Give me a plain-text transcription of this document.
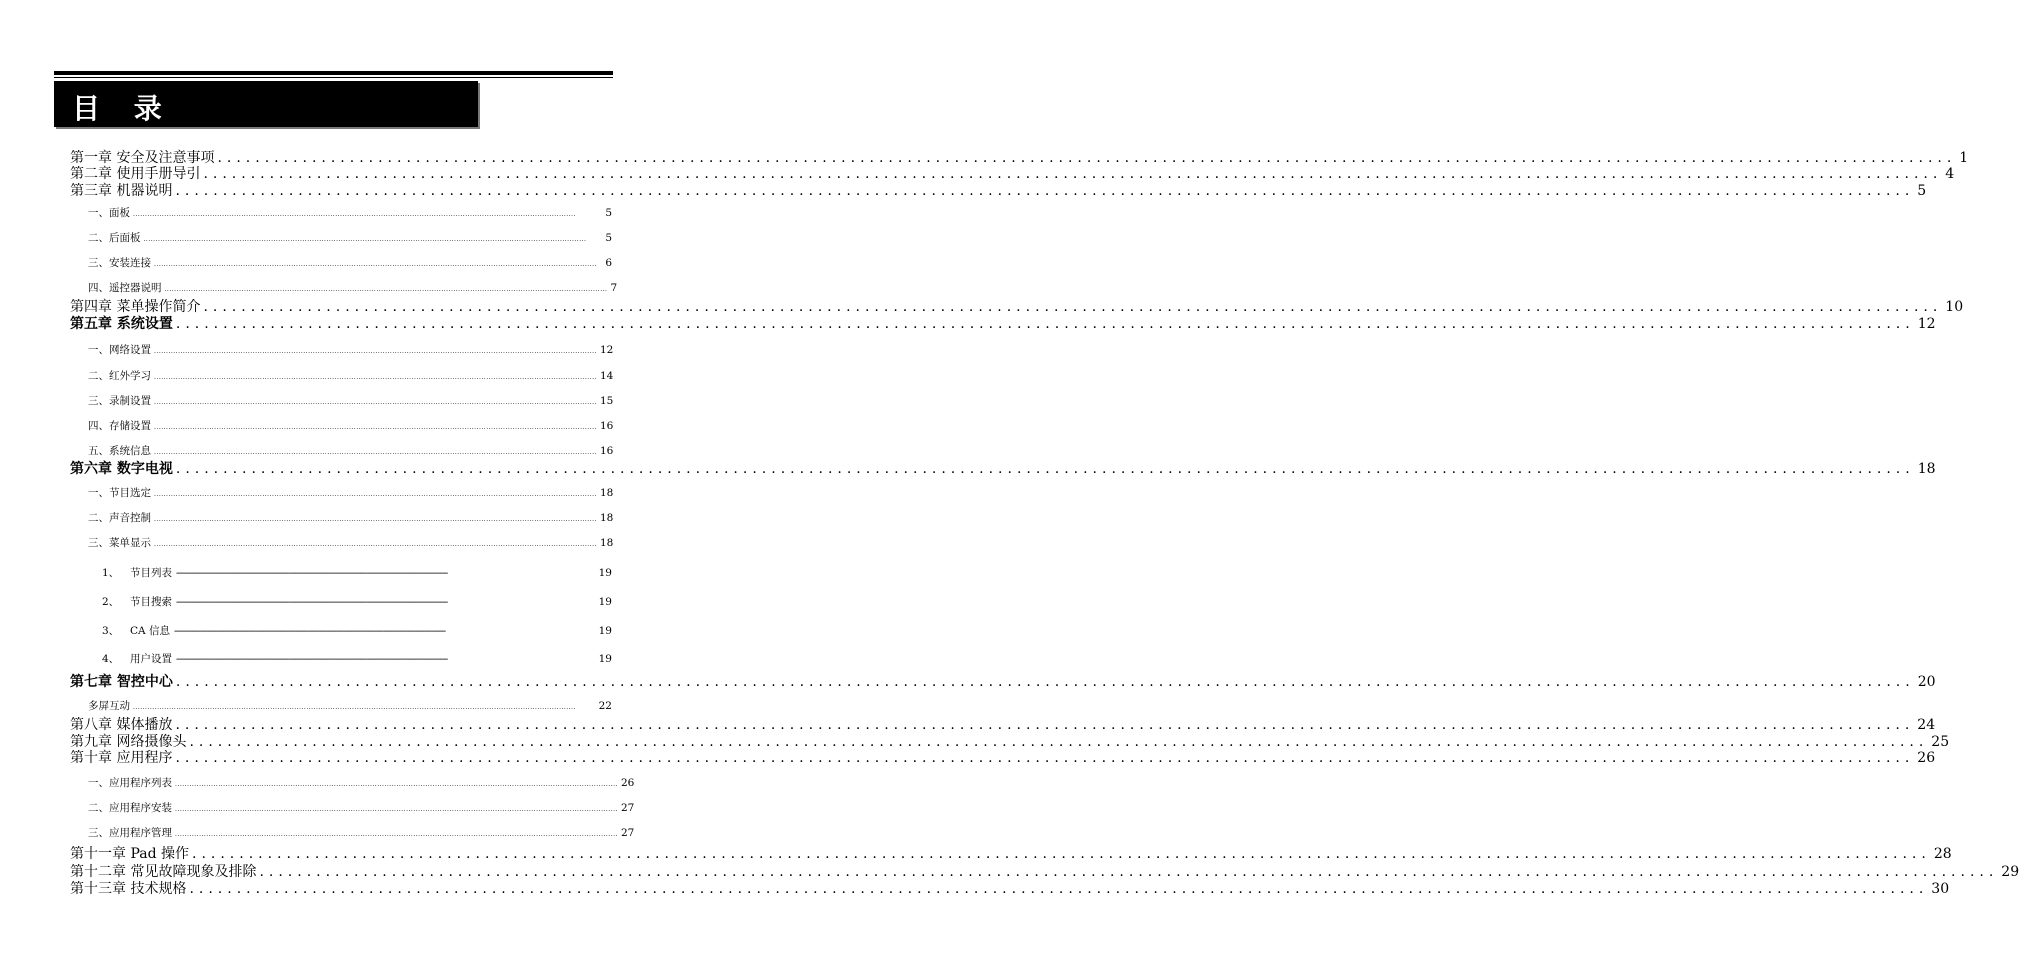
目 录
第一章 安全及注意事项 ........................................................................................................................................................................................ 1
第二章 使用手册导引 ........................................................................................................................................................................................ 4
第三章 机器说明 ........................................................................................................................................................................................ 5
一、面板 ........................................................................................................................................................................................	5
二、后面板 ........................................................................................................................................................................................	5
三、安装连接 ........................................................................................................................................................................................ 6
四、遥控器说明 ........................................................................................................................................................................................ 7
第四章 菜单操作简介 ........................................................................................................................................................................................ 10
第五章 系统设置 ........................................................................................................................................................................................ 12
一、网络设置 ........................................................................................................................................................................................ 12
二、红外学习 ........................................................................................................................................................................................ 14
三、录制设置 ........................................................................................................................................................................................ 15
四、存储设置 ........................................................................................................................................................................................ 16
五、系统信息 ........................................................................................................................................................................................ 16
第六章 数字电视 ........................................................................................................................................................................................ 18
一、节目选定 ........................................................................................................................................................................................ 18
二、声音控制 ........................................................................................................................................................................................ 18
三、菜单显示 ........................................................................................................................................................................................ 18
1、	节目列表 ------------------------------------------------------------------------------------------------------------------	19
2、	节目搜索 ------------------------------------------------------------------------------------------------------------------	19
3、	CA 信息 ------------------------------------------------------------------------------------------------------------------	19
4、	用户设置 ------------------------------------------------------------------------------------------------------------------	19
第七章 智控中心 ........................................................................................................................................................................................ 20
多屏互动 ........................................................................................................................................................................................	22
第八章 媒体播放 ........................................................................................................................................................................................ 24
第九章 网络摄像头 ........................................................................................................................................................................................ 25
第十章 应用程序 ........................................................................................................................................................................................ 26
一、应用程序列表 ........................................................................................................................................................................................ 26
二、应用程序安装 ........................................................................................................................................................................................ 27
三、应用程序管理 ........................................................................................................................................................................................ 27
第十一章 Pad 操作 ........................................................................................................................................................................................ 28
第十二章 常见故障现象及排除 ........................................................................................................................................................................................ 29
第十三章 技术规格 ........................................................................................................................................................................................ 30
